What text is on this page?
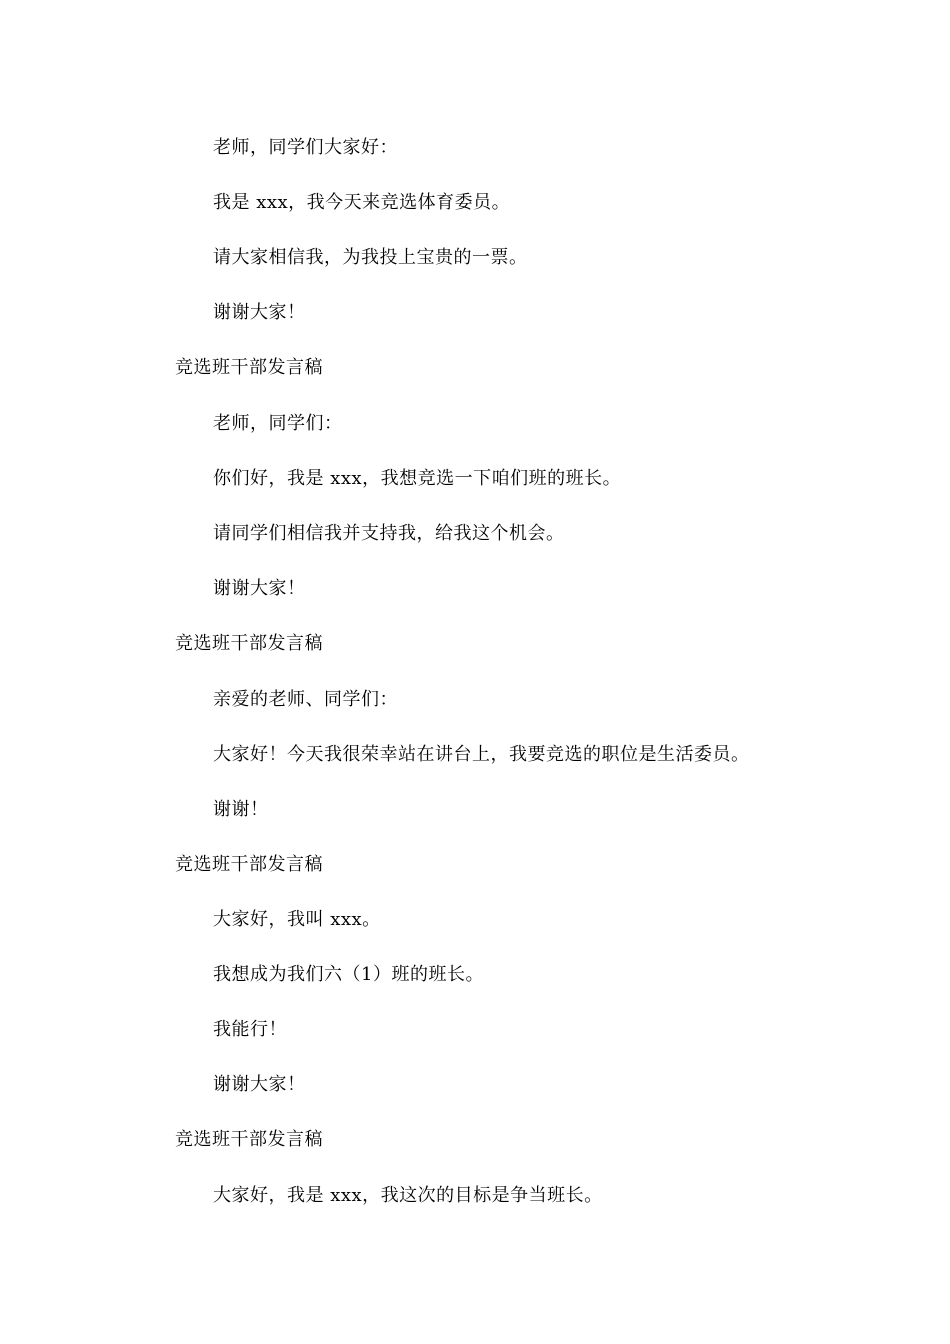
老师，同学们大家好：
我是 xxx，我今天来竞选体育委员。
请大家相信我，为我投上宝贵的一票。
谢谢大家！
竞选班干部发言稿
老师，同学们：
你们好，我是 xxx，我想竞选一下咱们班的班长。
请同学们相信我并支持我，给我这个机会。
谢谢大家！
竞选班干部发言稿
亲爱的老师、同学们：
大家好！今天我很荣幸站在讲台上，我要竞选的职位是生活委员。
谢谢！
竞选班干部发言稿
大家好，我叫 xxx。
我想成为我们六（1）班的班长。
我能行！
谢谢大家！
竞选班干部发言稿
大家好，我是 xxx，我这次的目标是争当班长。
